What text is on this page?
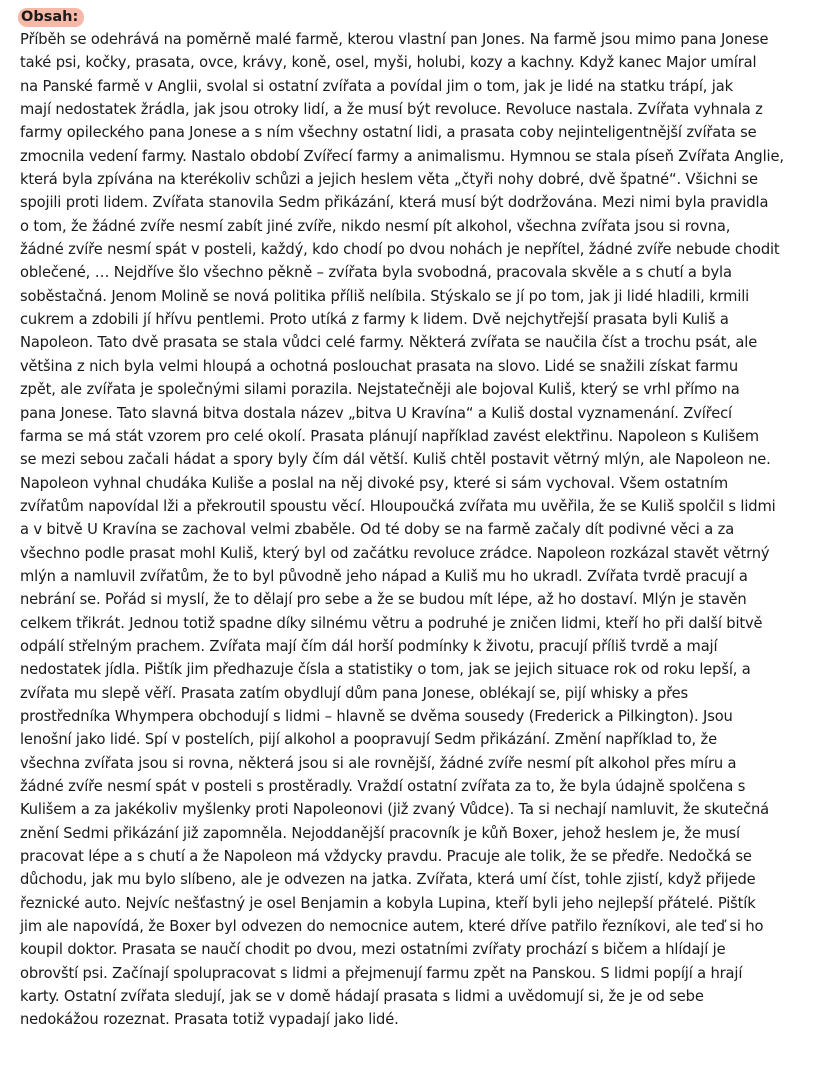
Obsah:
Příběh se odehrává na poměrně malé farmě, kterou vlastní pan Jones. Na farmě jsou mimo pana Jonese
také psi, kočky, prasata, ovce, krávy, koně, osel, myši, holubi, kozy a kachny. Když kanec Major umíral
na Panské farmě v Anglii, svolal si ostatní zvířata a povídal jim o tom, jak je lidé na statku trápí, jak
mají nedostatek žrádla, jak jsou otroky lidí, a že musí být revoluce. Revoluce nastala. Zvířata vyhnala z
farmy opileckého pana Jonese a s ním všechny ostatní lidi, a prasata coby nejinteligentnější zvířata se
zmocnila vedení farmy. Nastalo období Zvířecí farmy a animalismu. Hymnou se stala píseň Zvířata Anglie,
která byla zpívána na kterékoliv schůzi a jejich heslem věta „čtyři nohy dobré, dvě špatné“. Všichni se
spojili proti lidem. Zvířata stanovila Sedm přikázání, která musí být dodržována. Mezi nimi byla pravidla
o tom, že žádné zvíře nesmí zabít jiné zvíře, nikdo nesmí pít alkohol, všechna zvířata jsou si rovna,
žádné zvíře nesmí spát v posteli, každý, kdo chodí po dvou nohách je nepřítel, žádné zvíře nebude chodit
oblečené, … Nejdříve šlo všechno pěkně – zvířata byla svobodná, pracovala skvěle a s chutí a byla
soběstačná. Jenom Molině se nová politika příliš nelíbila. Stýskalo se jí po tom, jak ji lidé hladili, krmili
cukrem a zdobili jí hřívu pentlemi. Proto utíká z farmy k lidem. Dvě nejchytřejší prasata byli Kuliš a
Napoleon. Tato dvě prasata se stala vůdci celé farmy. Některá zvířata se naučila číst a trochu psát, ale
většina z nich byla velmi hloupá a ochotná poslouchat prasata na slovo. Lidé se snažili získat farmu
zpět, ale zvířata je společnými silami porazila. Nejstatečněji ale bojoval Kuliš, který se vrhl přímo na
pana Jonese. Tato slavná bitva dostala název „bitva U Kravína“ a Kuliš dostal vyznamenání. Zvířecí
farma se má stát vzorem pro celé okolí. Prasata plánují například zavést elektřinu. Napoleon s Kulišem
se mezi sebou začali hádat a spory byly čím dál větší. Kuliš chtěl postavit větrný mlýn, ale Napoleon ne.
Napoleon vyhnal chudáka Kuliše a poslal na něj divoké psy, které si sám vychoval. Všem ostatním
zvířatům napovídal lži a překroutil spoustu věcí. Hloupoučká zvířata mu uvěřila, že se Kuliš spolčil s lidmi
a v bitvě U Kravína se zachoval velmi zbaběle. Od té doby se na farmě začaly dít podivné věci a za
všechno podle prasat mohl Kuliš, který byl od začátku revoluce zrádce. Napoleon rozkázal stavět větrný
mlýn a namluvil zvířatům, že to byl původně jeho nápad a Kuliš mu ho ukradl. Zvířata tvrdě pracují a
nebrání se. Pořád si myslí, že to dělají pro sebe a že se budou mít lépe, až ho dostaví. Mlýn je stavěn
celkem třikrát. Jednou totiž spadne díky silnému větru a podruhé je zničen lidmi, kteří ho při další bitvě
odpálí střelným prachem. Zvířata mají čím dál horší podmínky k životu, pracují příliš tvrdě a mají
nedostatek jídla. Pištík jim předhazuje čísla a statistiky o tom, jak se jejich situace rok od roku lepší, a
zvířata mu slepě věří. Prasata zatím obydlují dům pana Jonese, oblékají se, pijí whisky a přes
prostředníka Whympera obchodují s lidmi – hlavně se dvěma sousedy (Frederick a Pilkington). Jsou
lenošní jako lidé. Spí v postelích, pijí alkohol a poopravují Sedm přikázání. Změní například to, že
všechna zvířata jsou si rovna, některá jsou si ale rovnější, žádné zvíře nesmí pít alkohol přes míru a
žádné zvíře nesmí spát v posteli s prostěradly. Vraždí ostatní zvířata za to, že byla údajně spolčena s
Kulišem a za jakékoliv myšlenky proti Napoleonovi (již zvaný Vůdce). Ta si nechají namluvit, že skutečná
znění Sedmi přikázání již zapomněla. Nejoddanější pracovník je kůň Boxer, jehož heslem je, že musí
pracovat lépe a s chutí a že Napoleon má vždycky pravdu. Pracuje ale tolik, že se předře. Nedočká se
důchodu, jak mu bylo slíbeno, ale je odvezen na jatka. Zvířata, která umí číst, tohle zjistí, když přijede
řeznické auto. Nejvíc nešťastný je osel Benjamin a kobyla Lupina, kteří byli jeho nejlepší přátelé. Pištík
jim ale napovídá, že Boxer byl odvezen do nemocnice autem, které dříve patřilo řezníkovi, ale teď si ho
koupil doktor. Prasata se naučí chodit po dvou, mezi ostatními zvířaty prochází s bičem a hlídají je
obrovští psi. Začínají spolupracovat s lidmi a přejmenují farmu zpět na Panskou. S lidmi popíjí a hrají
karty. Ostatní zvířata sledují, jak se v domě hádají prasata s lidmi a uvědomují si, že je od sebe
nedokážou rozeznat. Prasata totiž vypadají jako lidé.
